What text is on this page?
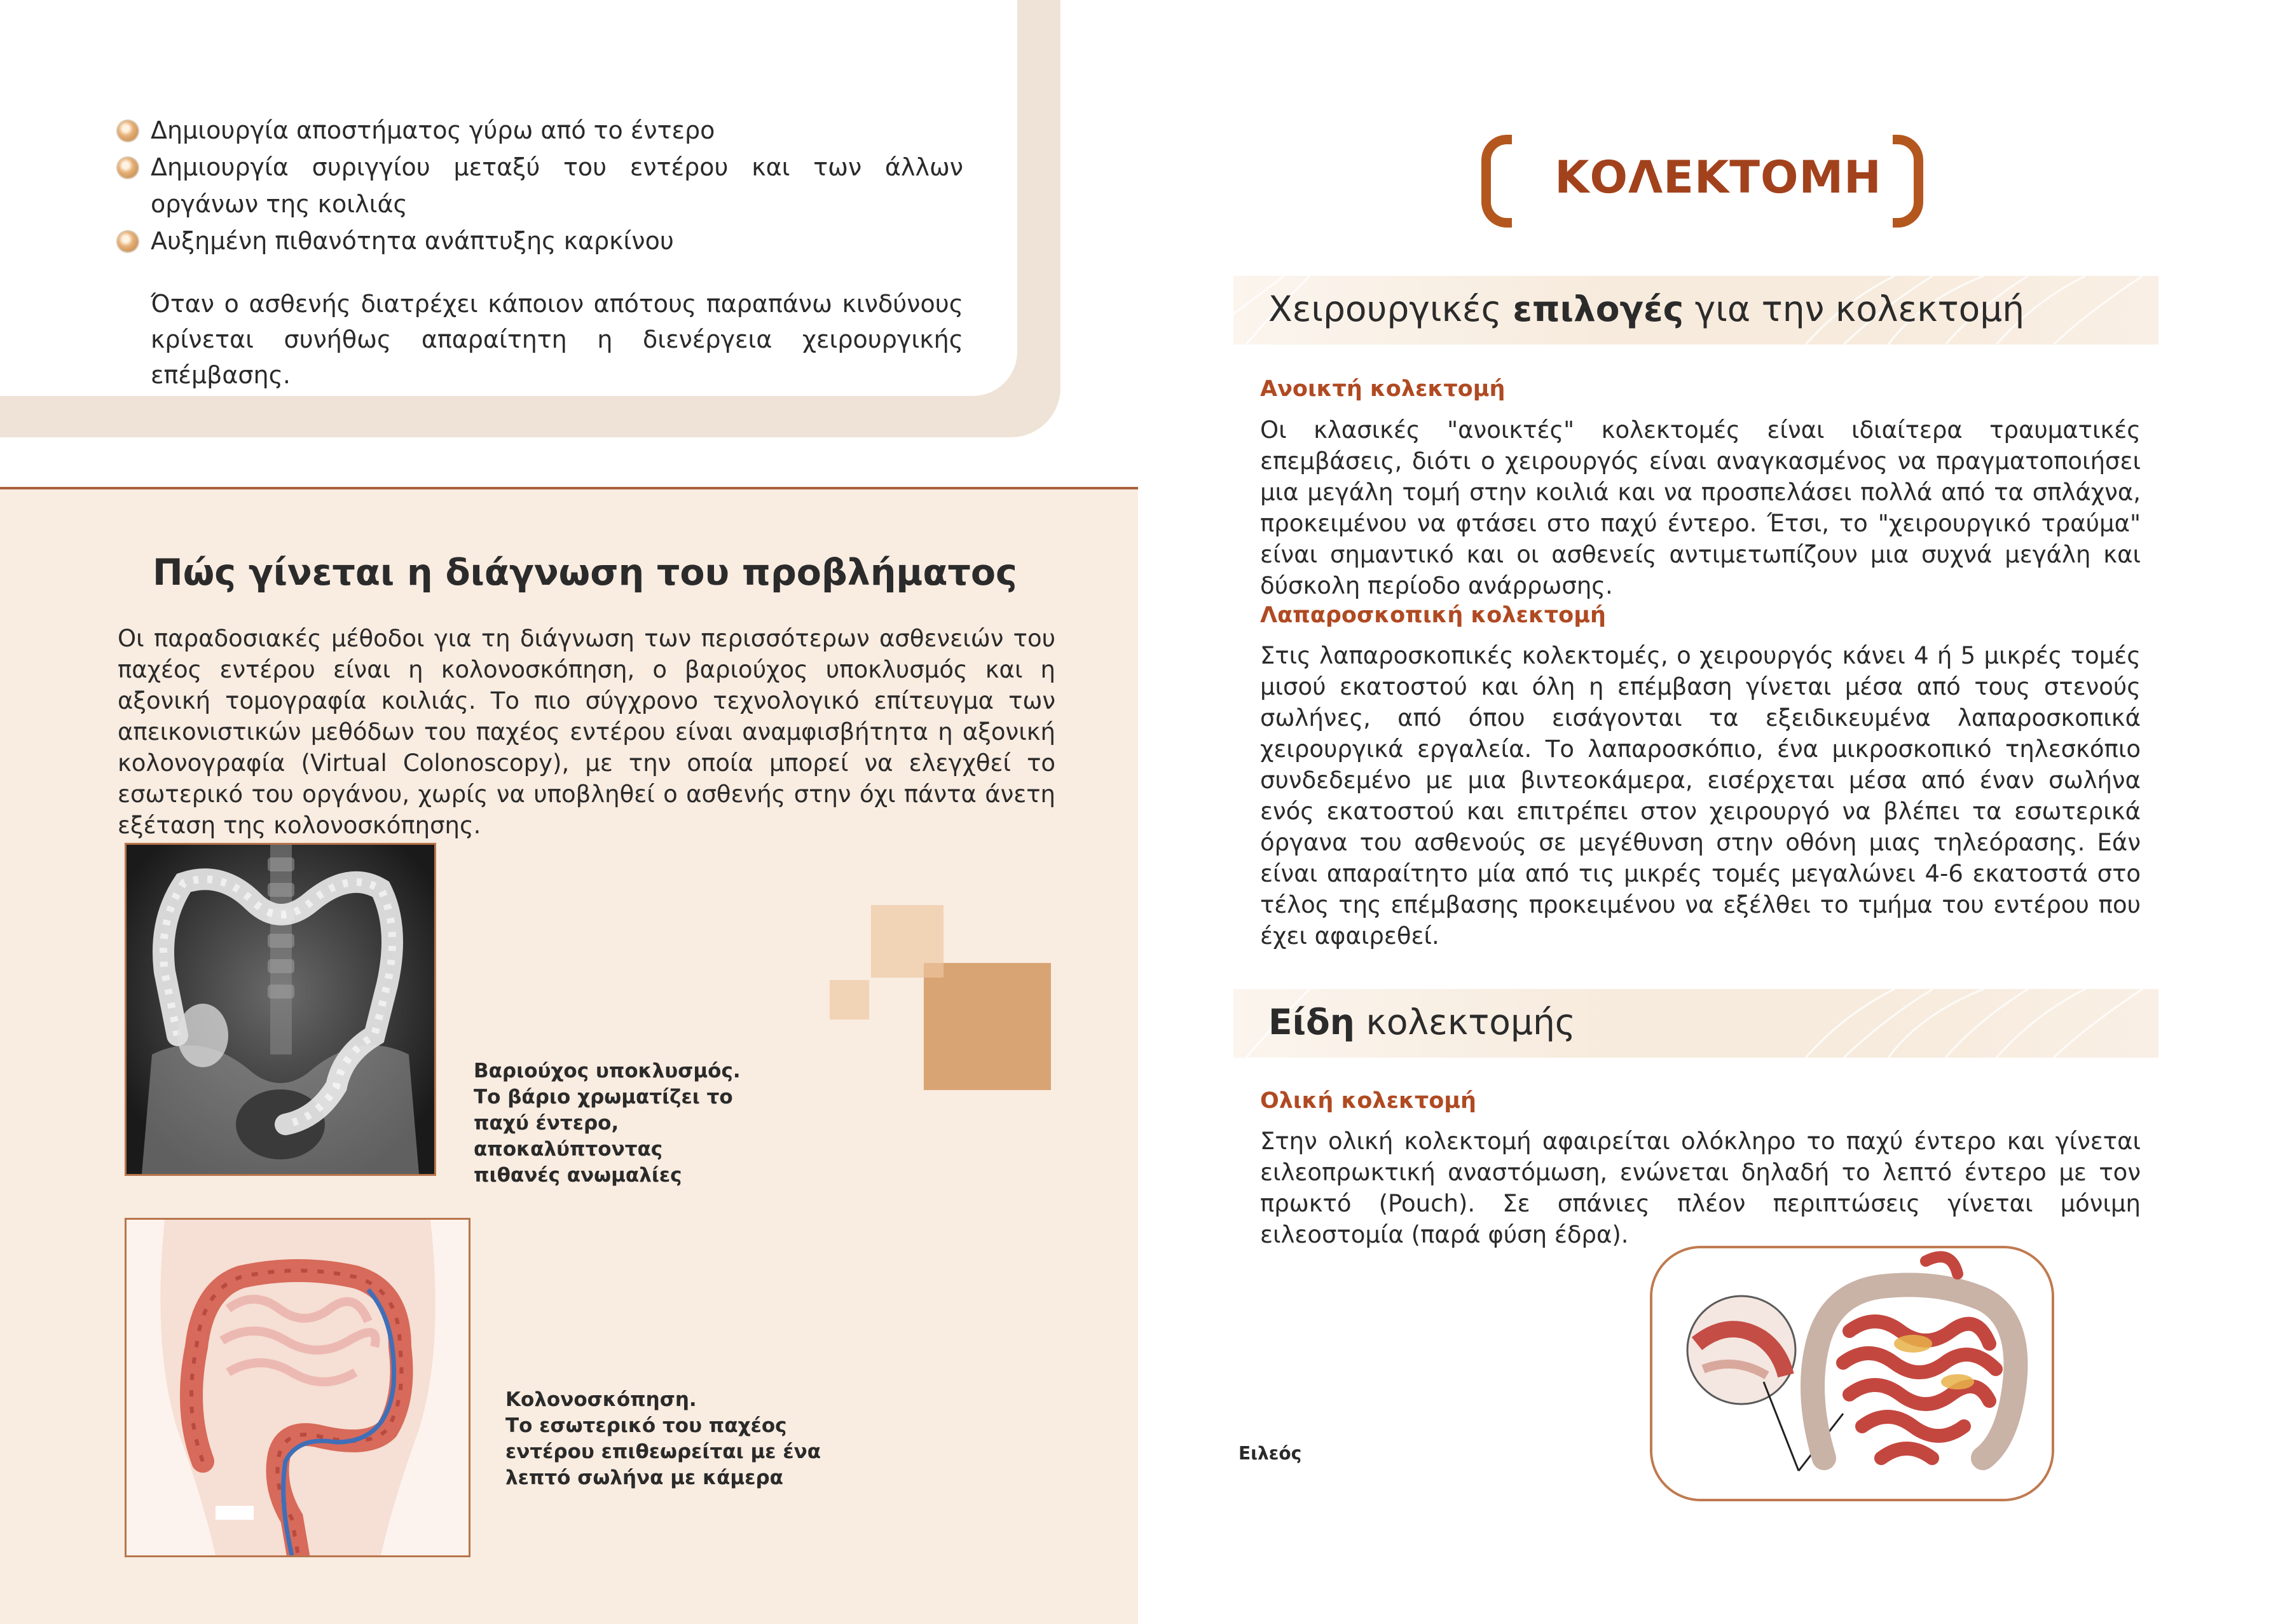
Δημιουργία αποστήματος γύρω από το έντερο
Δημιουργία συριγγίου μεταξύ του εντέρου και των άλλων οργάνων της κοιλιάς
Αυξημένη πιθανότητα ανάπτυξης καρκίνου

Όταν ο ασθενής διατρέχει κάποιον απότους παραπάνω κινδύνους κρίνεται συνήθως απαραίτητη η διενέργεια χειρουργικής επέμβασης.

Πώς γίνεται η διάγνωση του προβλήματος

Οι παραδοσιακές μέθοδοι για τη διάγνωση των περισσότερων ασθενειών του παχέος εντέρου είναι η κολονοσκόπηση, ο βαριούχος υποκλυσμός και η αξονική τομογραφία κοιλιάς. Το πιο σύγχρονο τεχνολογικό επίτευγμα των απεικονιστικών μεθόδων του παχέος εντέρου είναι αναμφισβήτητα η αξονική κολονογραφία (Virtual Colonoscopy), με την οποία μπορεί να ελεγχθεί το εσωτερικό του οργάνου, χωρίς να υποβληθεί ο ασθενής στην όχι πάντα άνετη εξέταση της κολονοσκόπησης.

Βαριούχος υποκλυσμός.
Το βάριο χρωματίζει το
παχύ έντερο, αποκαλύπτοντας
πιθανές ανωμαλίες
Κολονοσκόπηση.
Το εσωτερικό του παχέος
εντέρου επιθεωρείται με ένα
λεπτό σωλήνα με κάμερα
ΚΟΛΕΚΤΟΜΗ
Χειρουργικές επιλογές για την κολεκτομή
Ανοικτή κολεκτομή

Οι κλασικές "ανοικτές" κολεκτομές είναι ιδιαίτερα τραυματικές επεμβάσεις, διότι ο χειρουργός είναι αναγκασμένος να πραγματοποιήσει μια μεγάλη τομή στην κοιλιά και να προσπελάσει πολλά από τα σπλάχνα, προκειμένου να φτάσει στο παχύ έντερο. Έτσι, το "χειρουργικό τραύμα" είναι σημαντικό και οι ασθενείς αντιμετωπίζουν μια συχνά μεγάλη και δύσκολη περίοδο ανάρρωσης.

Λαπαροσκοπική κολεκτομή

Στις λαπαροσκοπικές κολεκτομές, ο χειρουργός κάνει 4 ή 5 μικρές τομές μισού εκατοστού και όλη η επέμβαση γίνεται μέσα από τους στενούς σωλήνες, από όπου εισάγονται τα εξειδικευμένα λαπαροσκοπικά χειρουργικά εργαλεία. Το λαπαροσκόπιο, ένα μικροσκοπικό τηλεσκόπιο συνδεδεμένο με μια βιντεοκάμερα, εισέρχεται μέσα από έναν σωλήνα ενός εκατοστού και επιτρέπει στον χειρουργό να βλέπει τα εσωτερικά όργανα του ασθενούς σε μεγέθυνση στην οθόνη μιας τηλεόρασης. Εάν είναι απαραίτητο μία από τις μικρές τομές μεγαλώνει 4-6 εκατοστά στο τέλος της επέμβασης προκειμένου να εξέλθει το τμήμα του εντέρου που έχει αφαιρεθεί.

Είδη κολεκτομής
Ολική κολεκτομή

Στην ολική κολεκτομή αφαιρείται ολόκληρο το παχύ έντερο και γίνεται ειλεοπρωκτική αναστόμωση, ενώνεται δηλαδή το λεπτό έντερο με τον πρωκτό (Pouch). Σε σπάνιες πλέον περιπτώσεις γίνεται μόνιμη ειλεοστομία (παρά φύση έδρα).

Ειλεός
